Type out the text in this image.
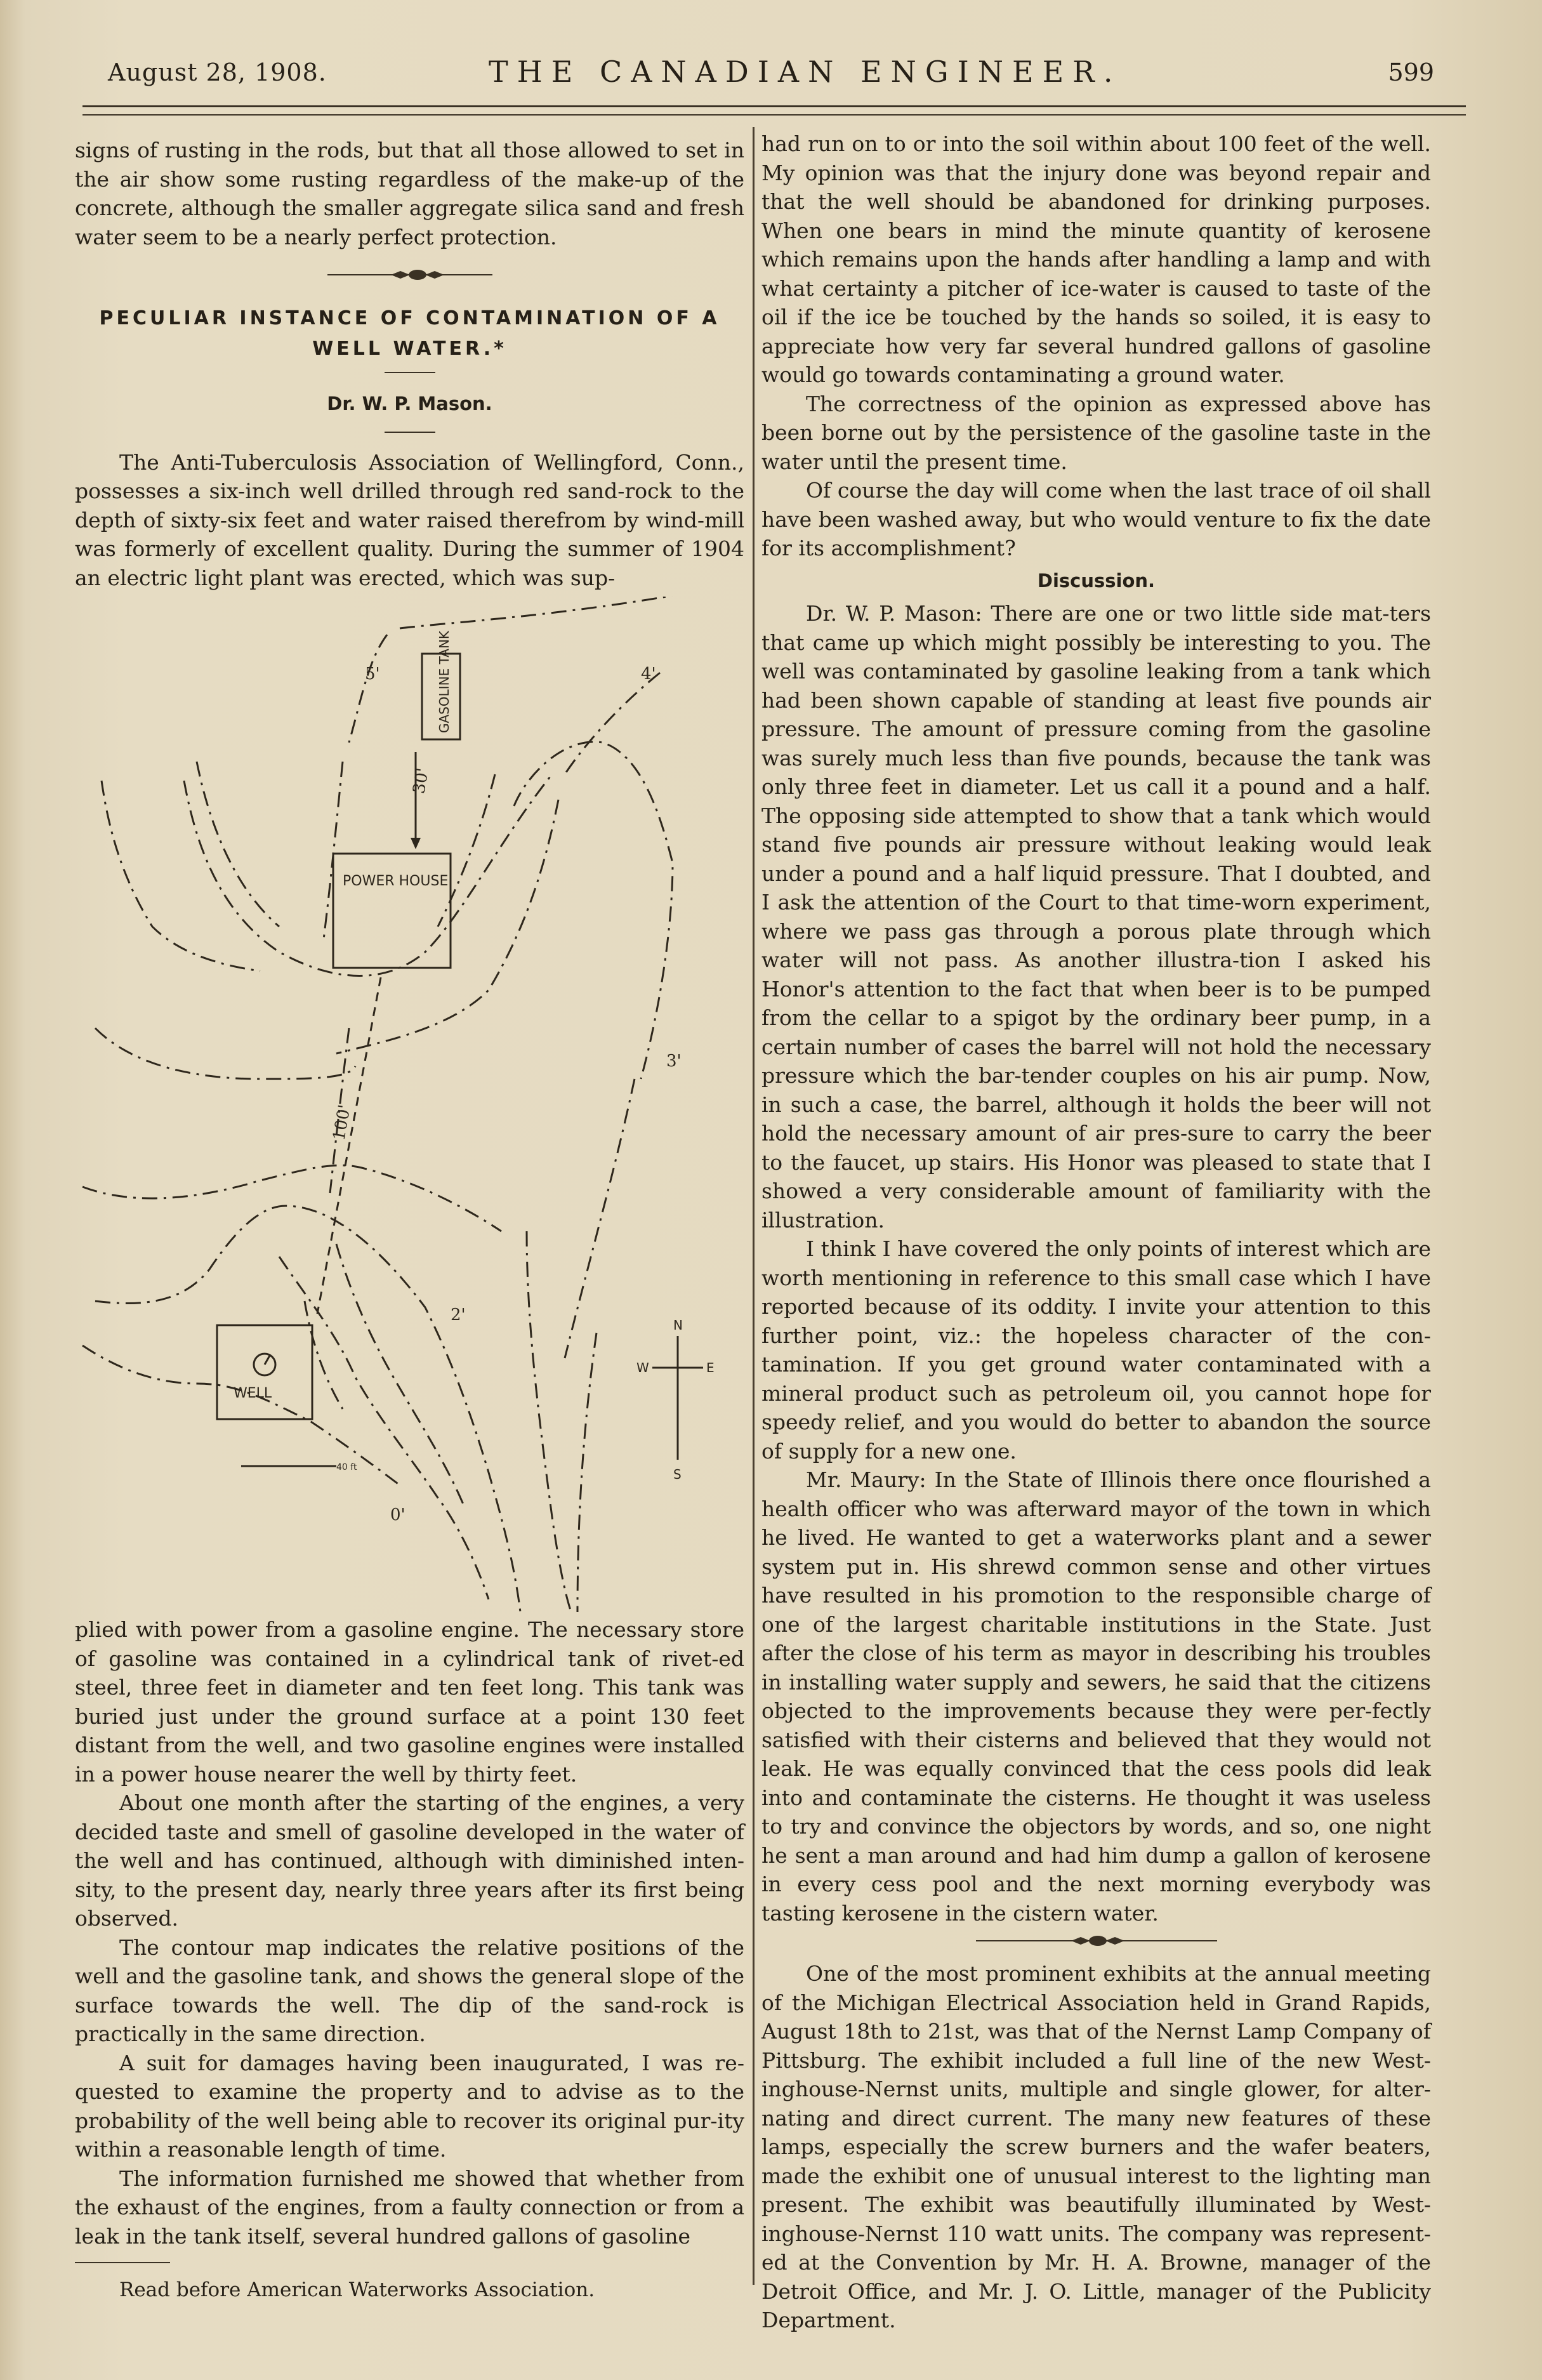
August 28, 1908.	THE CANADIAN ENGINEER.	599

signs of rusting in the rods, but that all those allowed to set in the air show some rusting regardless of the make-up of the concrete, although the smaller aggregate silica sand and fresh water seem to be a nearly perfect protection.

PECULIAR INSTANCE OF CONTAMINATION OF A WELL WATER.*
Dr. W. P. Mason.

The Anti-Tuberculosis Association of Wellingford, Conn., possesses a six-inch well drilled through red sand-rock to the depth of sixty-six feet and water raised therefrom by wind-mill was formerly of excellent quality. During the summer of 1904 an electric light plant was erected, which was sup-

GASOLINE TANK
POWER HOUSE
WELL
40 ft
5'	4'
30'
3'
100'
2'
0'
N
W	E
S

plied with power from a gasoline engine. The necessary store of gasoline was contained in a cylindrical tank of rivet-ed steel, three feet in diameter and ten feet long. This tank was buried just under the ground surface at a point 130 feet distant from the well, and two gasoline engines were installed in a power house nearer the well by thirty feet.

About one month after the starting of the engines, a very decided taste and smell of gasoline developed in the water of the well and has continued, although with diminished inten-sity, to the present day, nearly three years after its first being observed.

The contour map indicates the relative positions of the well and the gasoline tank, and shows the general slope of the surface towards the well. The dip of the sand-rock is practically in the same direction.

A suit for damages having been inaugurated, I was re-quested to examine the property and to advise as to the probability of the well being able to recover its original pur-ity within a reasonable length of time.

The information furnished me showed that whether from the exhaust of the engines, from a faulty connection or from a leak in the tank itself, several hundred gallons of gasoline

Read before American Waterworks Association.

had run on to or into the soil within about 100 feet of the well. My opinion was that the injury done was beyond repair and that the well should be abandoned for drinking purposes. When one bears in mind the minute quantity of kerosene which remains upon the hands after handling a lamp and with what certainty a pitcher of ice-water is caused to taste of the oil if the ice be touched by the hands so soiled, it is easy to appreciate how very far several hundred gallons of gasoline would go towards contaminating a ground water.

The correctness of the opinion as expressed above has been borne out by the persistence of the gasoline taste in the water until the present time.

Of course the day will come when the last trace of oil shall have been washed away, but who would venture to fix the date for its accomplishment?

Discussion.

Dr. W. P. Mason: There are one or two little side mat-ters that came up which might possibly be interesting to you. The well was contaminated by gasoline leaking from a tank which had been shown capable of standing at least five pounds air pressure. The amount of pressure coming from the gasoline was surely much less than five pounds, because the tank was only three feet in diameter. Let us call it a pound and a half. The opposing side attempted to show that a tank which would stand five pounds air pressure without leaking would leak under a pound and a half liquid pressure. That I doubted, and I ask the attention of the Court to that time-worn experiment, where we pass gas through a porous plate through which water will not pass. As another illustra-tion I asked his Honor's attention to the fact that when beer is to be pumped from the cellar to a spigot by the ordinary beer pump, in a certain number of cases the barrel will not hold the necessary pressure which the bar-tender couples on his air pump. Now, in such a case, the barrel, although it holds the beer will not hold the necessary amount of air pres-sure to carry the beer to the faucet, up stairs. His Honor was pleased to state that I showed a very considerable amount of familiarity with the illustration.

I think I have covered the only points of interest which are worth mentioning in reference to this small case which I have reported because of its oddity. I invite your attention to this further point, viz.: the hopeless character of the con-tamination. If you get ground water contaminated with a mineral product such as petroleum oil, you cannot hope for speedy relief, and you would do better to abandon the source of supply for a new one.

Mr. Maury: In the State of Illinois there once flourished a health officer who was afterward mayor of the town in which he lived. He wanted to get a waterworks plant and a sewer system put in. His shrewd common sense and other virtues have resulted in his promotion to the responsible charge of one of the largest charitable institutions in the State. Just after the close of his term as mayor in describing his troubles in installing water supply and sewers, he said that the citizens objected to the improvements because they were per-fectly satisfied with their cisterns and believed that they would not leak. He was equally convinced that the cess pools did leak into and contaminate the cisterns. He thought it was useless to try and convince the objectors by words, and so, one night he sent a man around and had him dump a gallon of kerosene in every cess pool and the next morning everybody was tasting kerosene in the cistern water.

One of the most prominent exhibits at the annual meeting of the Michigan Electrical Association held in Grand Rapids, August 18th to 21st, was that of the Nernst Lamp Company of Pittsburg. The exhibit included a full line of the new West-inghouse-Nernst units, multiple and single glower, for alter-nating and direct current. The many new features of these lamps, especially the screw burners and the wafer beaters, made the exhibit one of unusual interest to the lighting man present. The exhibit was beautifully illuminated by West-inghouse-Nernst 110 watt units. The company was represent-ed at the Convention by Mr. H. A. Browne, manager of the Detroit Office, and Mr. J. O. Little, manager of the Publicity Department.
